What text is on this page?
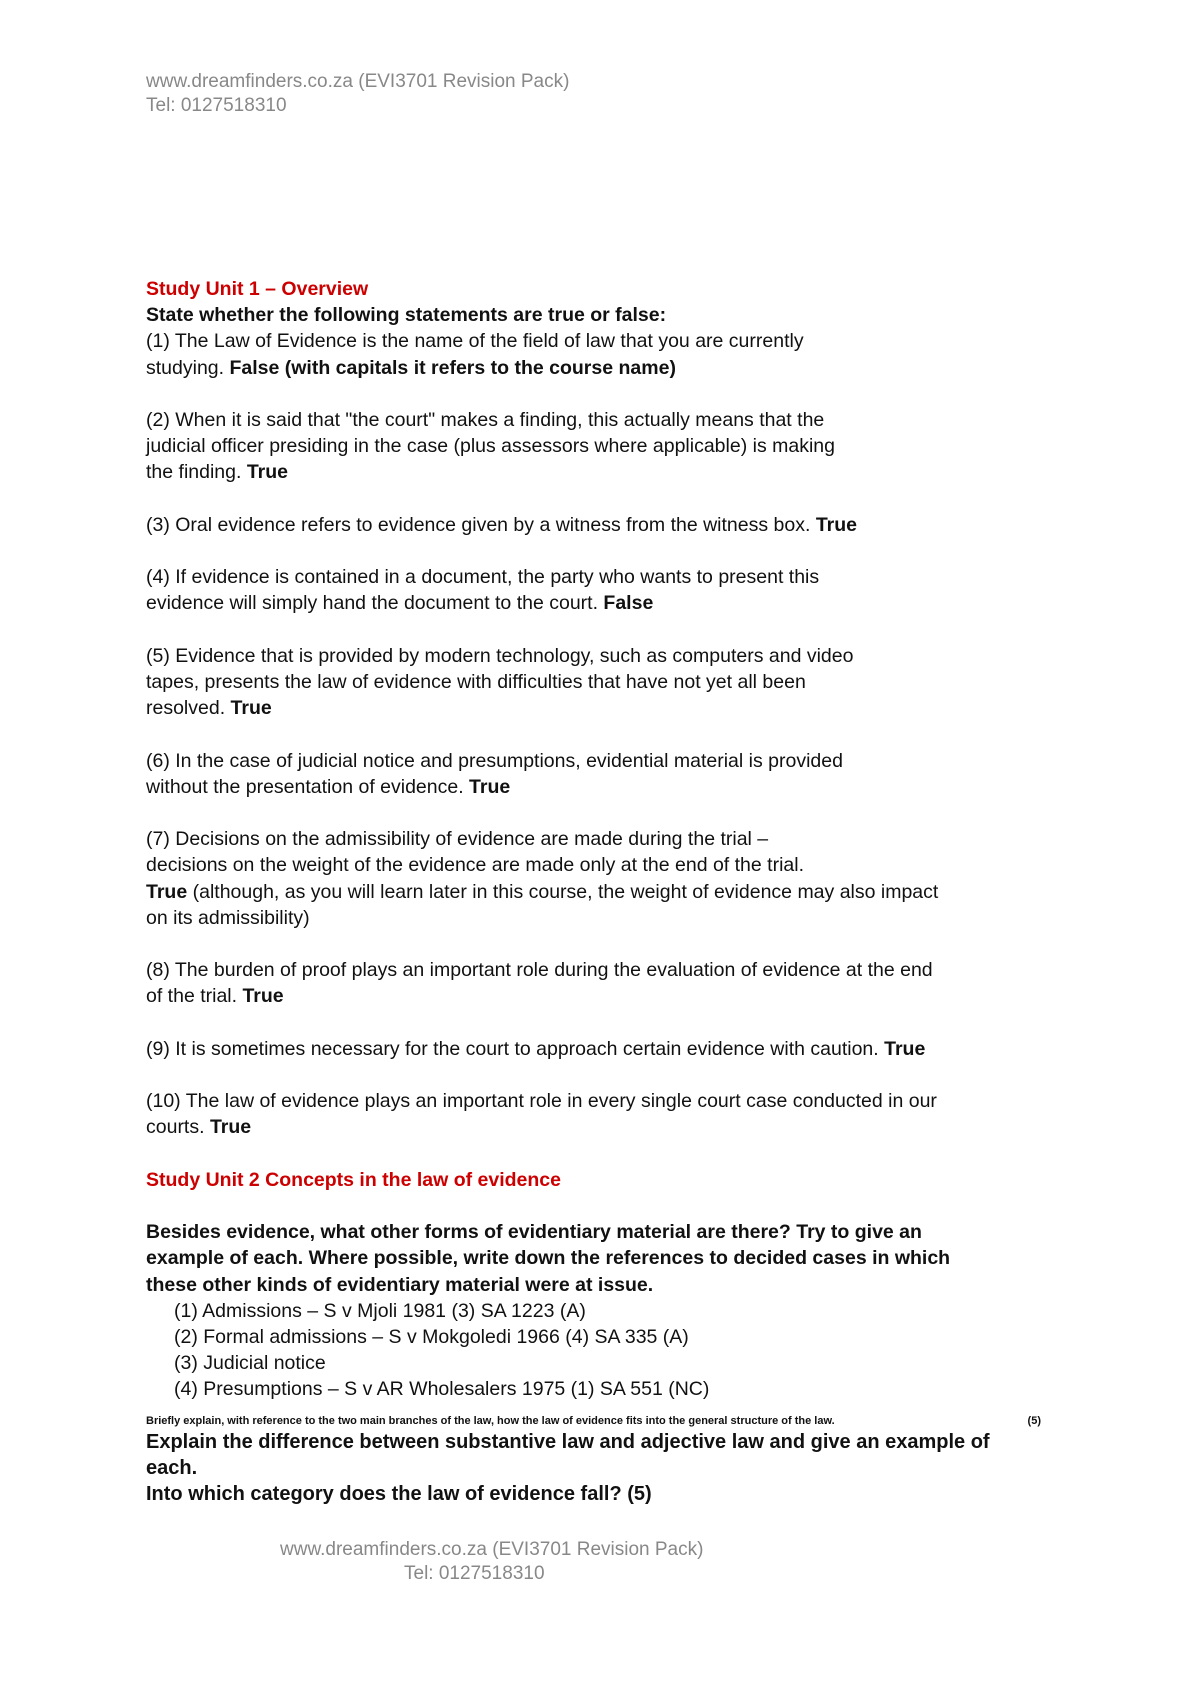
www.dreamfinders.co.za (EVI3701 Revision Pack)
Tel: 0127518310
Study Unit 1 – Overview
State whether the following statements are true or false:
(1) The Law of Evidence is the name of the field of law that you are currently
studying. False (with capitals it refers to the course name)
(2) When it is said that "the court" makes a finding, this actually means that the
judicial officer presiding in the case (plus assessors where applicable) is making
the finding. True
(3) Oral evidence refers to evidence given by a witness from the witness box. True
(4) If evidence is contained in a document, the party who wants to present this
evidence will simply hand the document to the court. False
(5) Evidence that is provided by modern technology, such as computers and video
tapes, presents the law of evidence with difficulties that have not yet all been
resolved. True
(6) In the case of judicial notice and presumptions, evidential material is provided
without the presentation of evidence. True
(7) Decisions on the admissibility of evidence are made during the trial –
decisions on the weight of the evidence are made only at the end of the trial.
True (although, as you will learn later in this course, the weight of evidence may also impact
on its admissibility)
(8) The burden of proof plays an important role during the evaluation of evidence at the end
of the trial. True
(9) It is sometimes necessary for the court to approach certain evidence with caution. True
(10) The law of evidence plays an important role in every single court case conducted in our
courts. True
Study Unit 2 Concepts in the law of evidence
Besides evidence, what other forms of evidentiary material are there? Try to give an
example of each. Where possible, write down the references to decided cases in which
these other kinds of evidentiary material were at issue.
(1) Admissions – S v Mjoli 1981 (3) SA 1223 (A)
(2) Formal admissions – S v Mokgoledi 1966 (4) SA 335 (A)
(3) Judicial notice
(4) Presumptions – S v AR Wholesalers 1975 (1) SA 551 (NC)
Briefly explain, with reference to the two main branches of the law, how the law of evidence fits into the general structure of the law.	(5)
Explain the difference between substantive law and adjective law and give an example of
each.
Into which category does the law of evidence fall? (5)
www.dreamfinders.co.za (EVI3701 Revision Pack)
Tel: 0127518310
